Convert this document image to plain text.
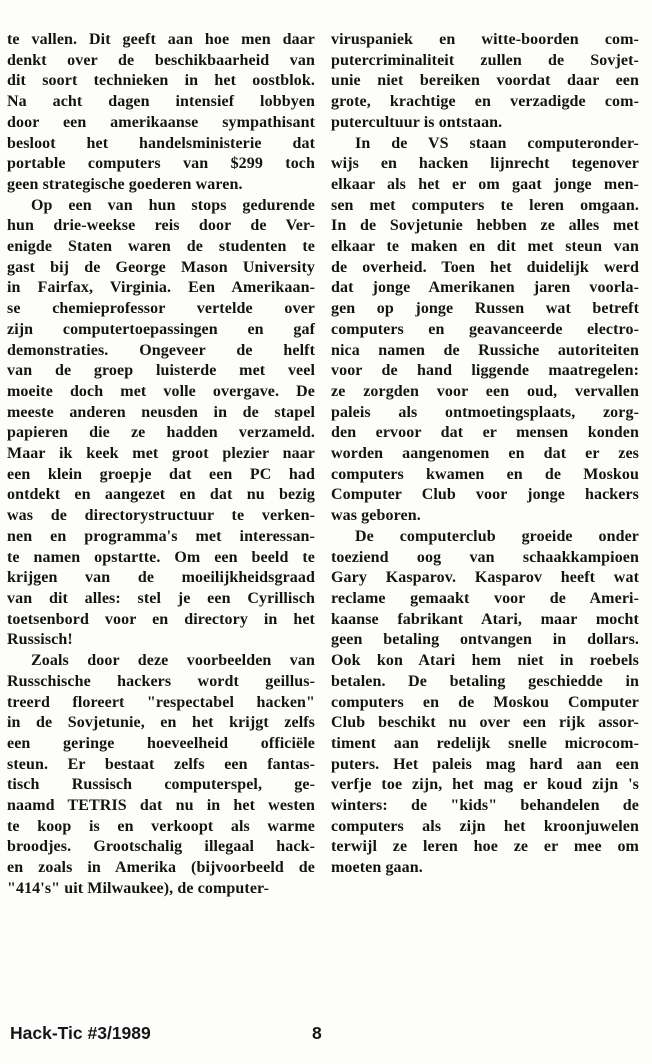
te vallen. Dit geeft aan hoe men daar
denkt over de beschikbaarheid van
dit soort technieken in het oostblok.
Na acht dagen intensief lobbyen
door een amerikaanse sympathisant
besloot het handelsministerie dat
portable computers van $299 toch
geen strategische goederen waren.
Op een van hun stops gedurende
hun drie-weekse reis door de Ver-
enigde Staten waren de studenten te
gast bij de George Mason University
in Fairfax, Virginia. Een Amerikaan-
se chemieprofessor vertelde over
zijn computertoepassingen en gaf
demonstraties. Ongeveer de helft
van de groep luisterde met veel
moeite doch met volle overgave. De
meeste anderen neusden in de stapel
papieren die ze hadden verzameld.
Maar ik keek met groot plezier naar
een klein groepje dat een PC had
ontdekt en aangezet en dat nu bezig
was de directorystructuur te verken-
nen en programma's met interessan-
te namen opstartte. Om een beeld te
krijgen van de moeilijkheidsgraad
van dit alles: stel je een Cyrillisch
toetsenbord voor en directory in het
Russisch!
Zoals door deze voorbeelden van
Russchische hackers wordt geillus-
treerd floreert "respectabel hacken"
in de Sovjetunie, en het krijgt zelfs
een geringe hoeveelheid officiële
steun. Er bestaat zelfs een fantas-
tisch Russisch computerspel, ge-
naamd TETRIS dat nu in het westen
te koop is en verkoopt als warme
broodjes. Grootschalig illegaal hack-
en zoals in Amerika (bijvoorbeeld de
"414's" uit Milwaukee), de computer-
viruspaniek en witte-boorden com-
putercriminaliteit zullen de Sovjet-
unie niet bereiken voordat daar een
grote, krachtige en verzadigde com-
putercultuur is ontstaan.
In de VS staan computeronder-
wijs en hacken lijnrecht tegenover
elkaar als het er om gaat jonge men-
sen met computers te leren omgaan.
In de Sovjetunie hebben ze alles met
elkaar te maken en dit met steun van
de overheid. Toen het duidelijk werd
dat jonge Amerikanen jaren voorla-
gen op jonge Russen wat betreft
computers en geavanceerde electro-
nica namen de Russiche autoriteiten
voor de hand liggende maatregelen:
ze zorgden voor een oud, vervallen
paleis als ontmoetingsplaats, zorg-
den ervoor dat er mensen konden
worden aangenomen en dat er zes
computers kwamen en de Moskou
Computer Club voor jonge hackers
was geboren.
De computerclub groeide onder
toeziend oog van schaakkampioen
Gary Kasparov. Kasparov heeft wat
reclame gemaakt voor de Ameri-
kaanse fabrikant Atari, maar mocht
geen betaling ontvangen in dollars.
Ook kon Atari hem niet in roebels
betalen. De betaling geschiedde in
computers en de Moskou Computer
Club beschikt nu over een rijk assor-
timent aan redelijk snelle microcom-
puters. Het paleis mag hard aan een
verfje toe zijn, het mag er koud zijn 's
winters: de "kids" behandelen de
computers als zijn het kroonjuwelen
terwijl ze leren hoe ze er mee om
moeten gaan.
Hack-Tic #3/1989	8
